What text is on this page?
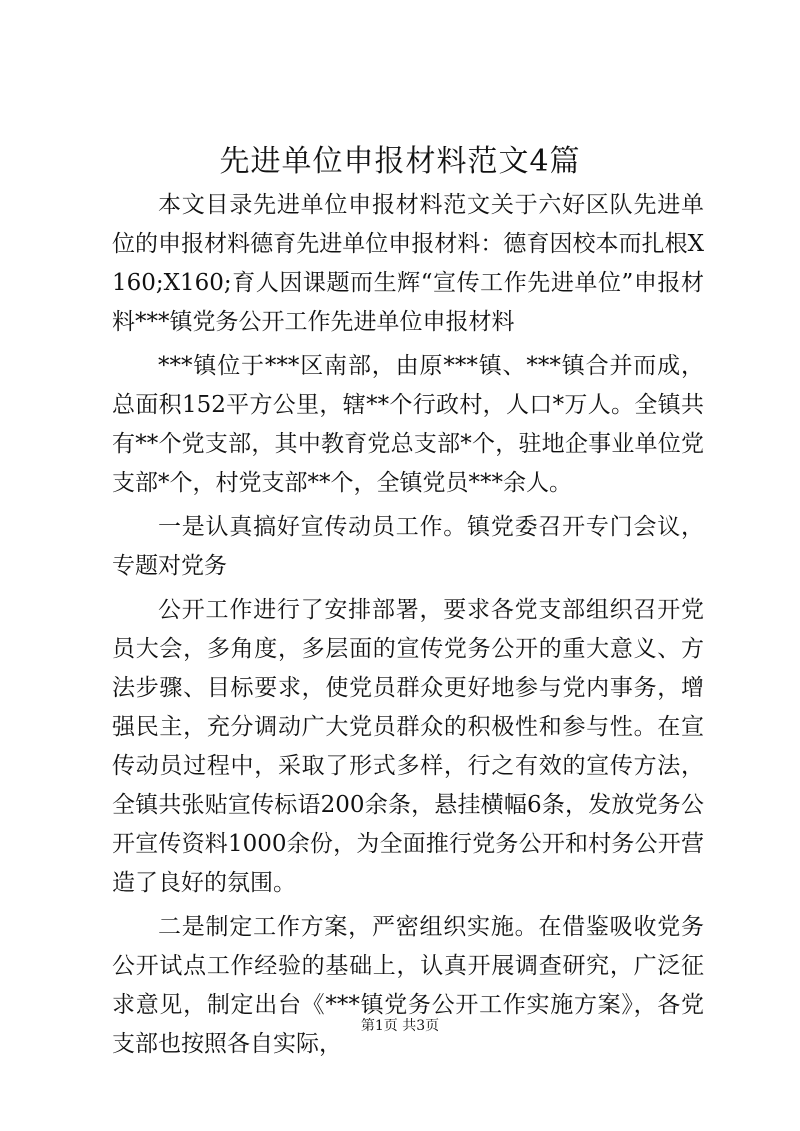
先进单位申报材料范文4篇

本文目录先进单位申报材料范文关于六好区队先进单位的申报材料德育先进单位申报材料：德育因校本而扎根X160;X160;育人因课题而生辉“宣传工作先进单位”申报材料***镇党务公开工作先进单位申报材料

***镇位于***区南部，由原***镇、***镇合并而成，总面积152平方公里，辖**个行政村，人口*万人。全镇共有**个党支部，其中教育党总支部*个，驻地企事业单位党支部*个，村党支部**个，全镇党员***余人。

一是认真搞好宣传动员工作。镇党委召开专门会议，专题对党务

公开工作进行了安排部署，要求各党支部组织召开党员大会，多角度，多层面的宣传党务公开的重大意义、方法步骤、目标要求，使党员群众更好地参与党内事务，增强民主，充分调动广大党员群众的积极性和参与性。在宣传动员过程中，采取了形式多样，行之有效的宣传方法，全镇共张贴宣传标语200余条，悬挂横幅6条，发放党务公开宣传资料1000余份，为全面推行党务公开和村务公开营造了良好的氛围。

二是制定工作方案，严密组织实施。在借鉴吸收党务公开试点工作经验的基础上，认真开展调查研究，广泛征求意见，制定出台《***镇党务公开工作实施方案》，各党支部也按照各自实际，

第1页 共3页
